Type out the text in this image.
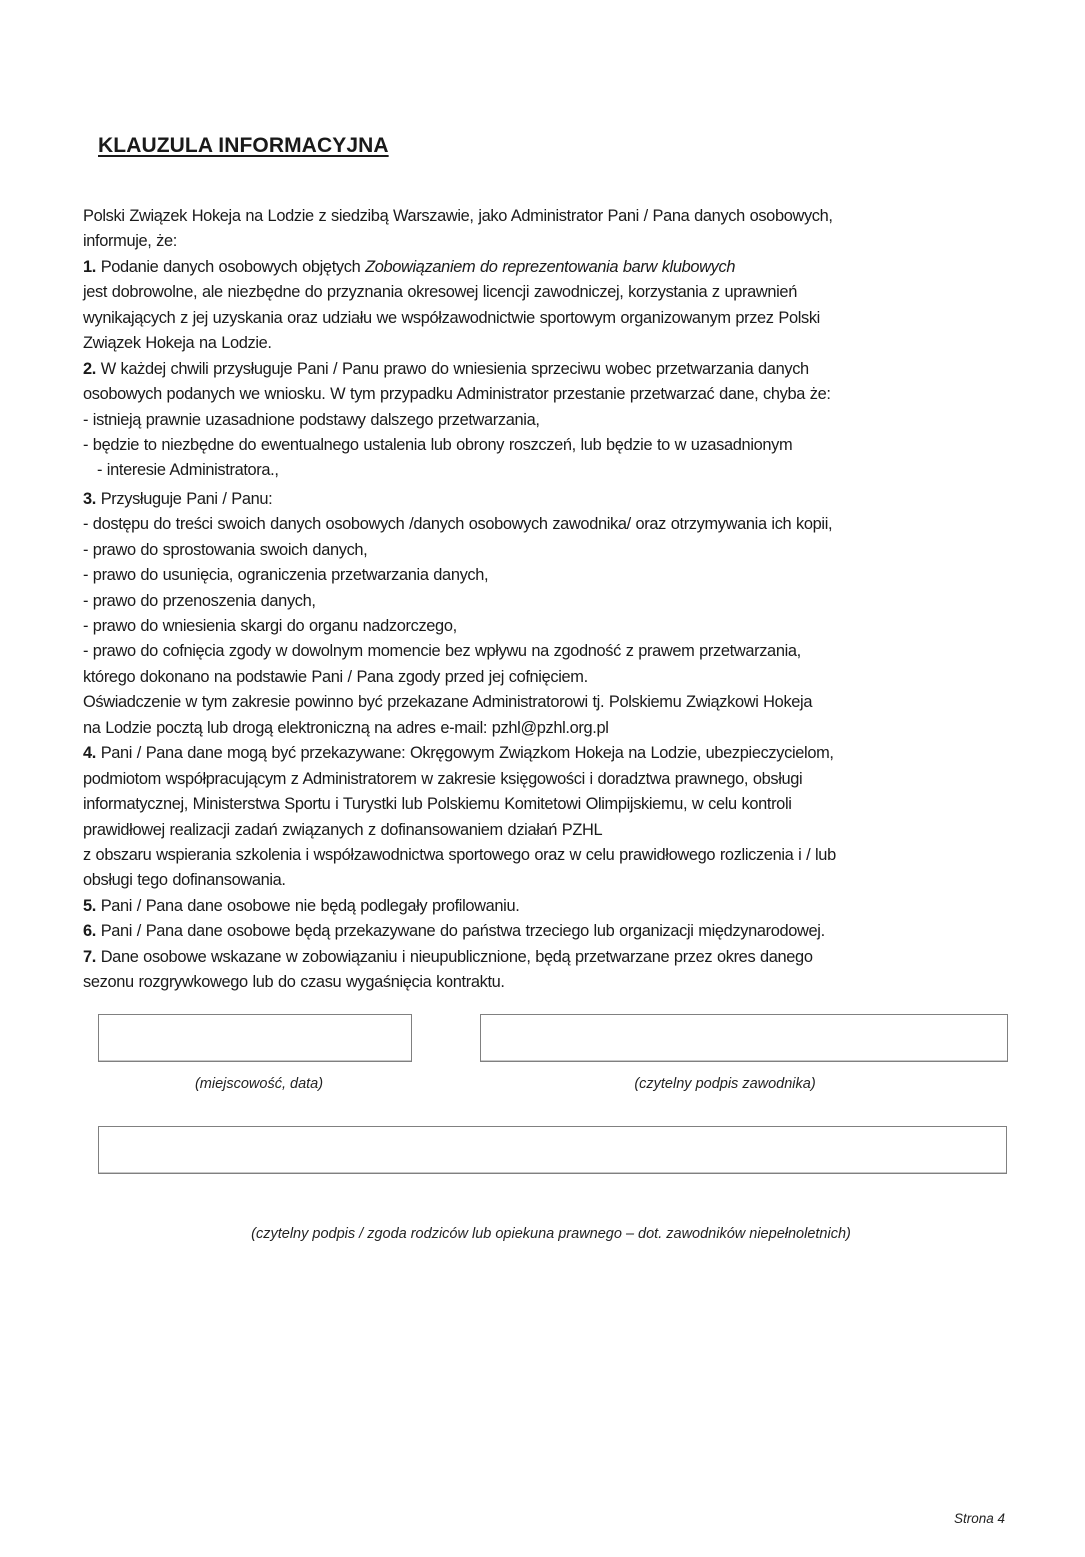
KLAUZULA INFORMACYJNA
Polski Związek Hokeja na Lodzie z siedzibą Warszawie, jako Administrator Pani / Pana danych osobowych,
informuje, że:
1. Podanie danych osobowych objętych Zobowiązaniem do reprezentowania barw klubowych
jest dobrowolne, ale niezbędne do przyznania okresowej licencji zawodniczej, korzystania z uprawnień
wynikających z jej uzyskania oraz udziału we współzawodnictwie sportowym organizowanym przez Polski
Związek Hokeja na Lodzie.
2. W każdej chwili przysługuje Pani / Panu prawo do wniesienia sprzeciwu wobec przetwarzania danych
osobowych podanych we wniosku. W tym przypadku Administrator przestanie przetwarzać dane, chyba że:
- istnieją prawnie uzasadnione podstawy dalszego przetwarzania,
- będzie to niezbędne do ewentualnego ustalenia lub obrony roszczeń, lub będzie to w uzasadnionym
- interesie Administratora.,
3. Przysługuje Pani / Panu:
- dostępu do treści swoich danych osobowych /danych osobowych zawodnika/ oraz otrzymywania ich kopii,
- prawo do sprostowania swoich danych,
- prawo do usunięcia, ograniczenia przetwarzania danych,
- prawo do przenoszenia danych,
- prawo do wniesienia skargi do organu nadzorczego,
- prawo do cofnięcia zgody w dowolnym momencie bez wpływu na zgodność z prawem przetwarzania,
którego dokonano na podstawie Pani / Pana zgody przed jej cofnięciem.
Oświadczenie w tym zakresie powinno być przekazane Administratorowi tj. Polskiemu Związkowi Hokeja
na Lodzie pocztą lub drogą elektroniczną na adres e-mail: pzhl@pzhl.org.pl
4. Pani / Pana dane mogą być przekazywane: Okręgowym Związkom Hokeja na Lodzie, ubezpieczycielom,
podmiotom współpracującym z Administratorem w zakresie księgowości i doradztwa prawnego, obsługi
informatycznej, Ministerstwa Sportu i Turystki lub Polskiemu Komitetowi Olimpijskiemu, w celu kontroli
prawidłowej realizacji zadań związanych z dofinansowaniem działań PZHL
z obszaru wspierania szkolenia i współzawodnictwa sportowego oraz w celu prawidłowego rozliczenia i / lub
obsługi tego dofinansowania.
5. Pani / Pana dane osobowe nie będą podlegały profilowaniu.
6. Pani / Pana dane osobowe będą przekazywane do państwa trzeciego lub organizacji międzynarodowej.
7. Dane osobowe wskazane w zobowiązaniu i nieupublicznione, będą przetwarzane przez okres danego
sezonu rozgrywkowego lub do czasu wygaśnięcia kontraktu.
(miejscowość, data)	(czytelny podpis zawodnika)
(czytelny podpis / zgoda rodziców lub opiekuna prawnego – dot. zawodników niepełnoletnich)
Strona 4
